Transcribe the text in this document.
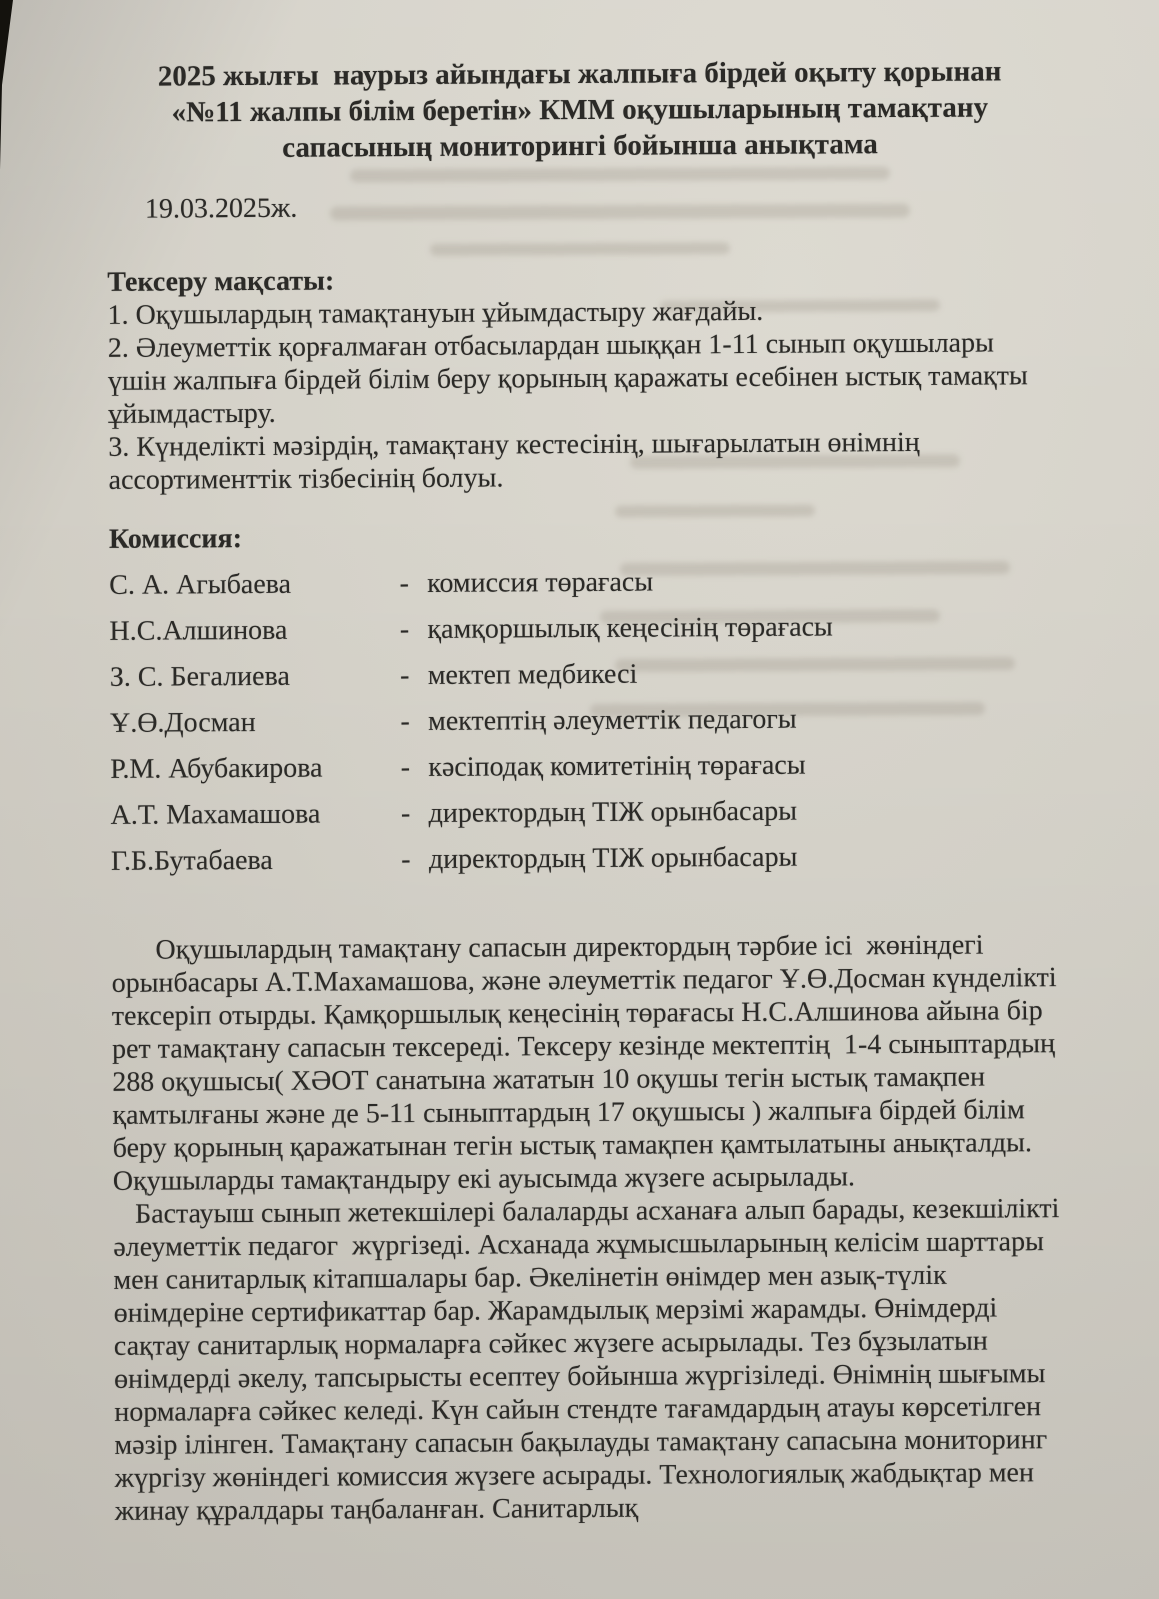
2025 жылғы  наурыз айындағы жалпыға бірдей оқыту қорынан
«№11 жалпы білім беретін» КММ оқушыларының тамақтану
сапасының мониторингі бойынша анықтама
19.03.2025ж.
Тексеру мақсаты:
1. Оқушылардың тамақтануын ұйымдастыру жағдайы.
2. Әлеуметтік қорғалмаған отбасылардан шыққан 1-11 сынып оқушылары үшін жалпыға бірдей білім беру қорының қаражаты есебінен ыстық тамақты ұйымдастыру.
3. Күнделікті мәзірдің, тамақтану кестесінің, шығарылатын өнімнің ассортименттік тізбесінің болуы.
Комиссия:
С. А. Агыбаева	- комиссия төрағасы
Н.С.Алшинова	- қамқоршылық кеңесінің төрағасы
З. С. Бегалиева	- мектеп медбикесі
Ұ.Ө.Досман	- мектептің әлеуметтік педагогы
Р.М. Абубакирова	- кәсіподақ комитетінің төрағасы
А.Т. Махамашова	- директордың ТІЖ орынбасары
Г.Б.Бутабаева	- директордың ТІЖ орынбасары
Оқушылардың тамақтану сапасын директордың тәрбие ісі  жөніндегі орынбасары А.Т.Махамашова, және әлеуметтік педагог Ұ.Ө.Досман күнделікті тексеріп отырды. Қамқоршылық кеңесінің төрағасы Н.С.Алшинова айына бір рет тамақтану сапасын тексереді. Тексеру кезінде мектептің  1-4 сыныптардың 288 оқушысы( ХӘОТ санатына жататын 10 оқушы тегін ыстық тамақпен қамтылғаны және де 5-11 сыныптардың 17 оқушысы ) жалпыға бірдей білім беру қорының қаражатынан тегін ыстық тамақпен қамтылатыны анықталды. Оқушыларды тамақтандыру екі ауысымда жүзеге асырылады.
Бастауыш сынып жетекшілері балаларды асханаға алып барады, кезекшілікті әлеуметтік педагог  жүргізеді. Асханада жұмысшыларының келісім шарттары мен санитарлық кітапшалары бар. Әкелінетін өнімдер мен азық-түлік өнімдеріне сертификаттар бар. Жарамдылық мерзімі жарамды. Өнімдерді сақтау санитарлық нормаларға сәйкес жүзеге асырылады. Тез бұзылатын өнімдерді әкелу, тапсырысты есептеу бойынша жүргізіледі. Өнімнің шығымы нормаларға сәйкес келеді. Күн сайын стендте тағамдардың атауы көрсетілген мәзір ілінген. Тамақтану сапасын бақылауды тамақтану сапасына мониторинг жүргізу жөніндегі комиссия жүзеге асырады. Технологиялық жабдықтар мен жинау құралдары таңбаланған. Санитарлық
